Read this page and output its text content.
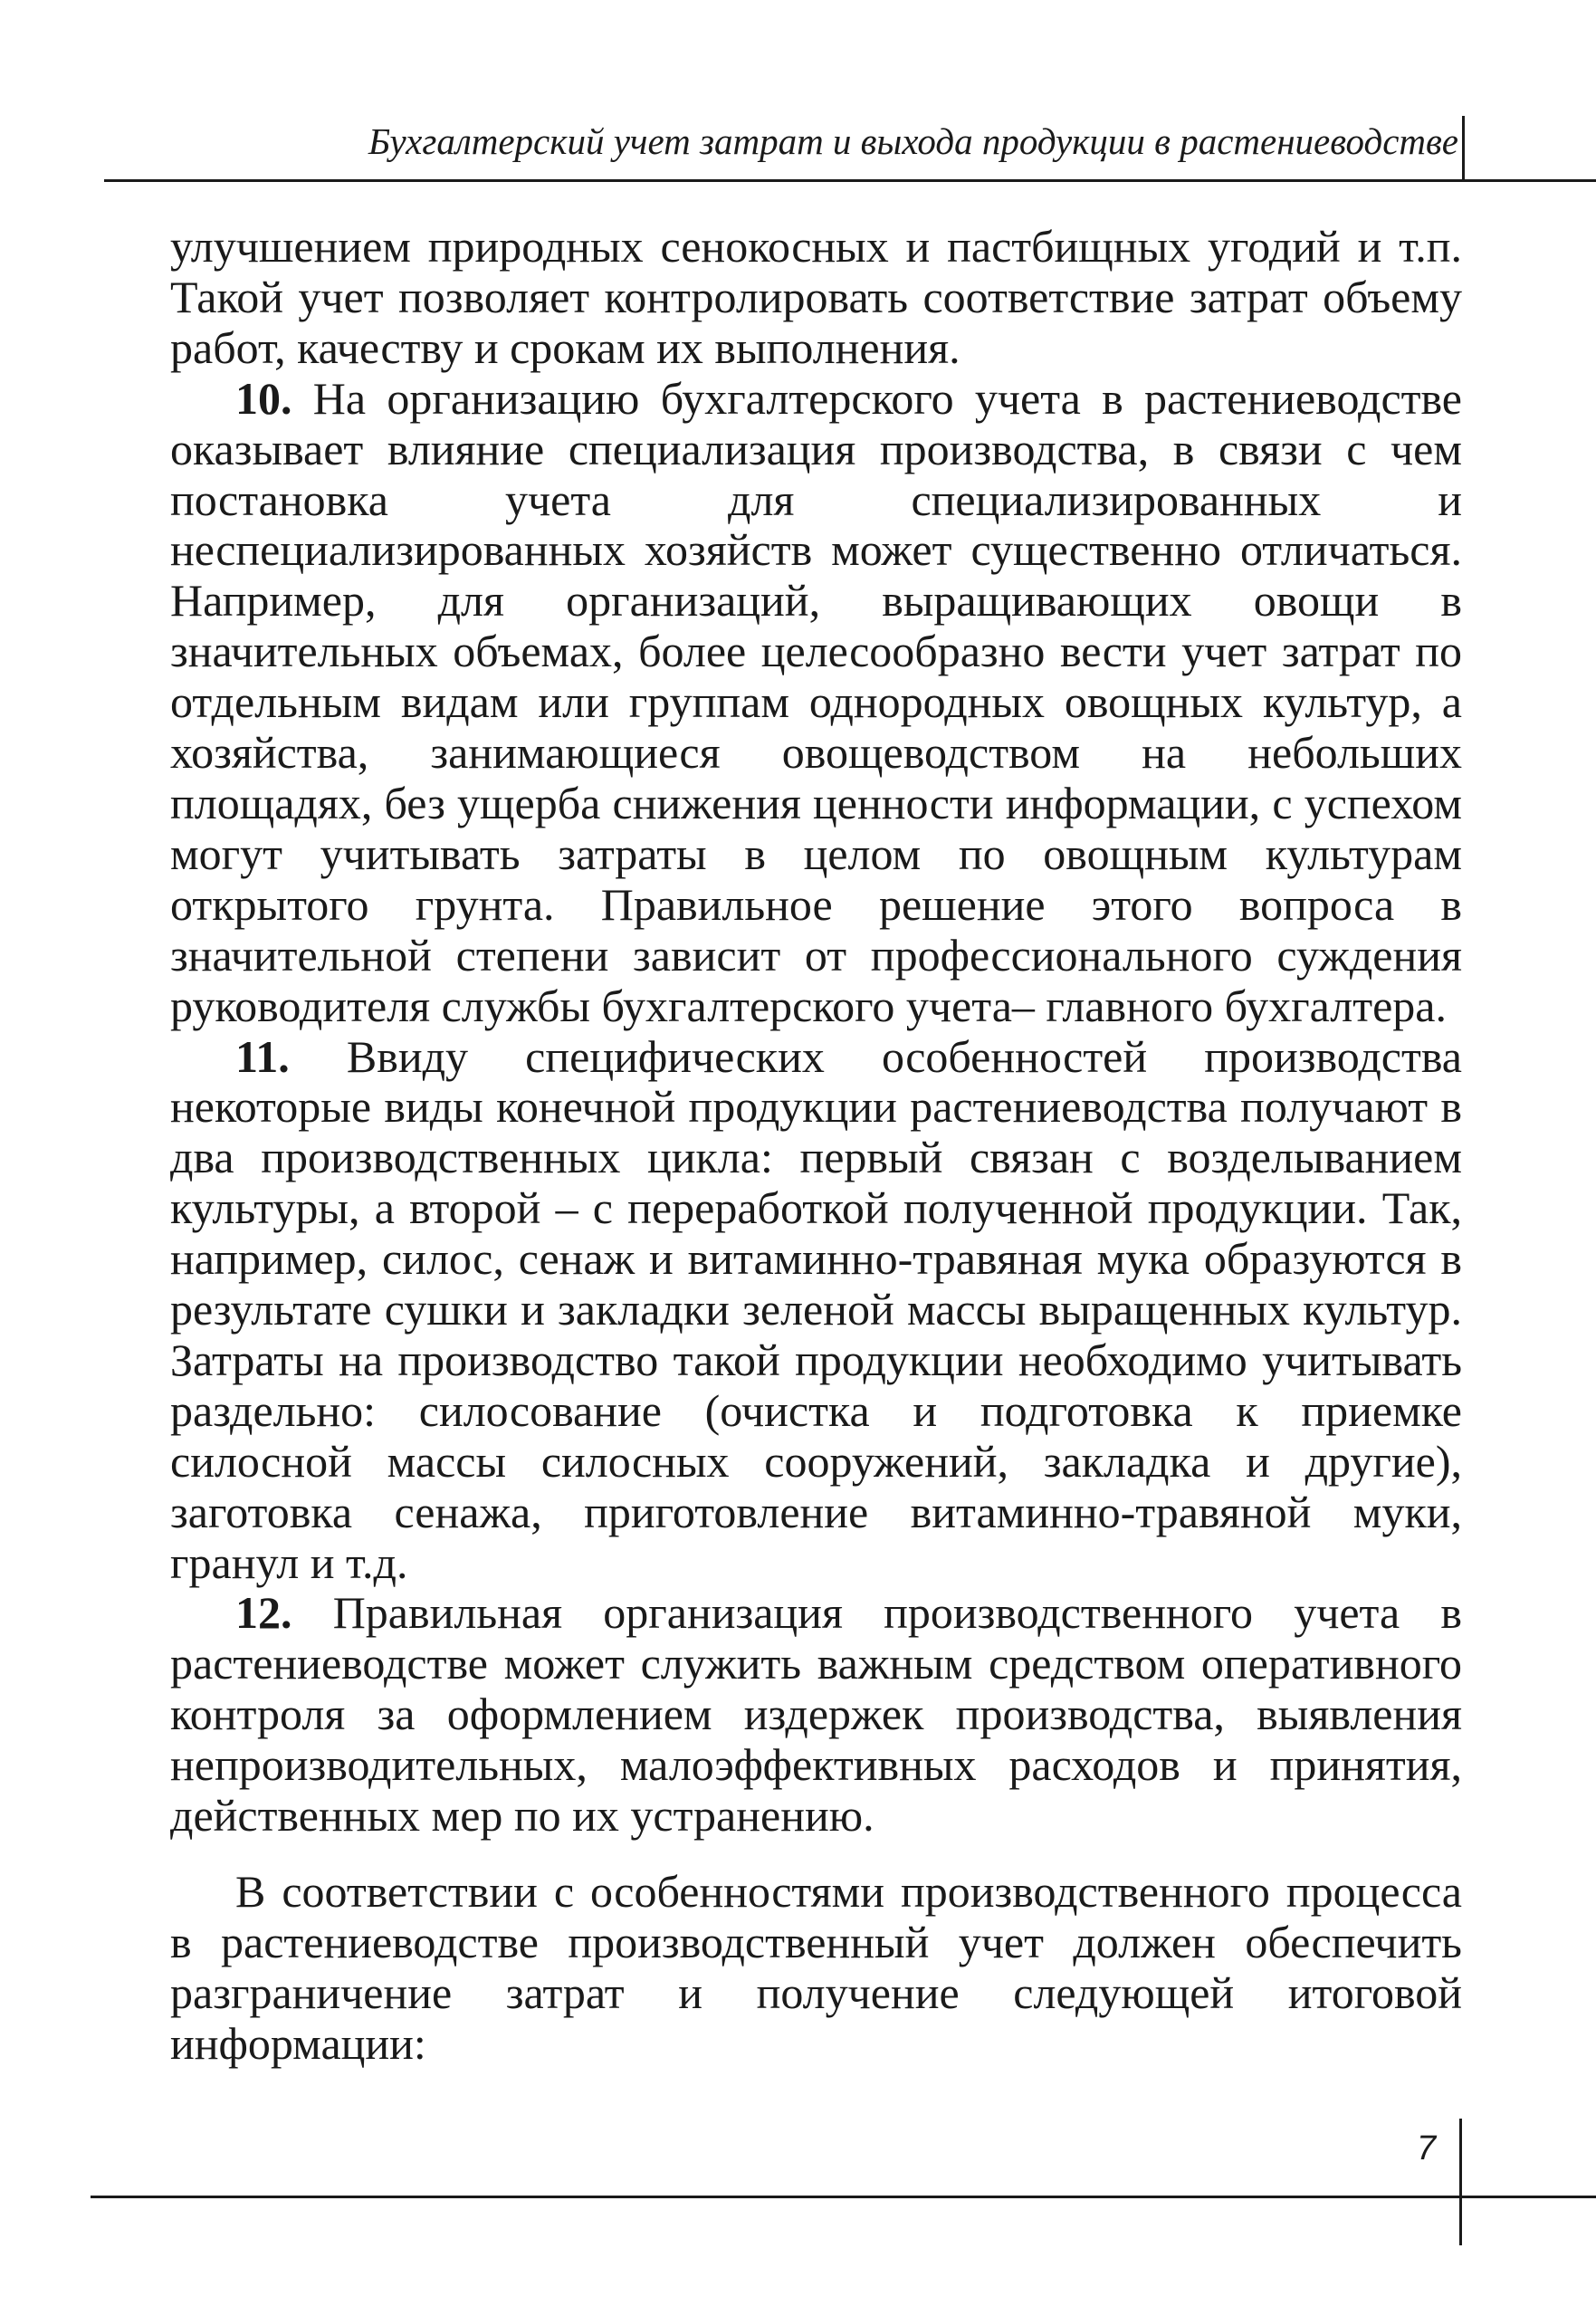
Бухгалтерский учет затрат и выхода продукции в растениеводстве

улучшением природных сенокосных и пастбищных угодий и т.п. Такой учет позволяет контролировать соответствие затрат объему работ, качеству и срокам их выполнения.

10. На организацию бухгалтерского учета в растениеводстве оказывает влияние специализация производства, в связи с чем постановка учета для специализированных и неспециализированных хозяйств может существенно отличаться. Например, для организаций, выращивающих овощи в значительных объемах, более целесообразно вести учет затрат по отдельным видам или группам однородных овощных культур, а хозяйства, занимающиеся овощеводством на небольших площадях, без ущерба снижения ценности информации, с успехом могут учитывать затраты в целом по овощным культурам открытого грунта. Правильное решение этого вопроса в значительной степени зависит от профессионального суждения руководителя службы бухгалтерского учета– главного бухгалтера.

11. Ввиду специфических особенностей производства некоторые виды конечной продукции растениеводства получают в два производственных цикла: первый связан с возделыванием культуры, а второй – с переработкой полученной продукции. Так, например, силос, сенаж и витаминно-травяная мука образуются в результате сушки и закладки зеленой массы выращенных культур. Затраты на производство такой продукции необходимо учитывать раздельно: силосование (очистка и подготовка к приемке силосной массы силосных сооружений, закладка и другие), заготовка сенажа, приготовление витаминно-травяной муки, гранул и т.д.

12. Правильная организация производственного учета в растениеводстве может служить важным средством оперативного контроля за оформлением издержек производства, выявления непроизводительных, малоэффективных расходов и принятия, действенных мер по их устранению.

В соответствии с особенностями производственного процесса в растениеводстве производственный учет должен обеспечить разграничение затрат и получение следующей итоговой информации:

7
